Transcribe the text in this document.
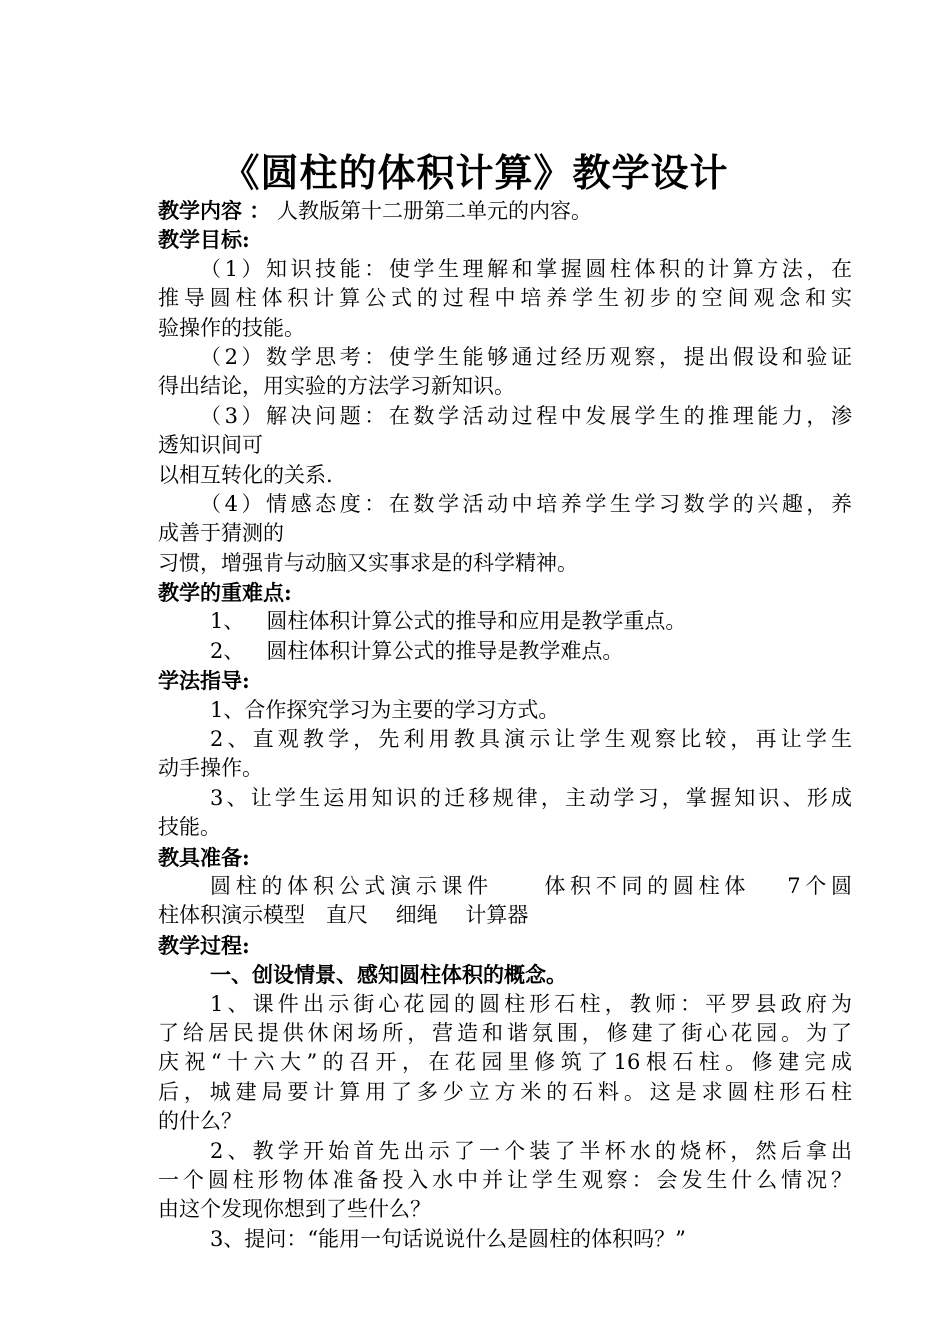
《圆柱的体积计算》教学设计
教学内容 ： 人教版第十二册第二单元的内容。
教学目标:
（1）知识技能：使学生理解和掌握圆柱体积的计算方法，在
推导圆柱体积计算公式的过程中培养学生初步的空间观念和实
验操作的技能。
（2）数学思考：使学生能够通过经历观察，提出假设和验证
得出结论，用实验的方法学习新知识。
（3）解决问题：在数学活动过程中发展学生的推理能力，渗
透知识间可
以相互转化的关系.
（4）情感态度：在数学活动中培养学生学习数学的兴趣，养
成善于猜测的
习惯，增强肯与动脑又实事求是的科学精神。
教学的重难点:
1、 圆柱体积计算公式的推导和应用是教学重点。
2、 圆柱体积计算公式的推导是教学难点。
学法指导:
1、合作探究学习为主要的学习方式。
2、直观教学，先利用教具演示让学生观察比较，再让学生
动手操作。
3、让学生运用知识的迁移规律，主动学习，掌握知识、形成
技能。
教具准备:
圆柱的体积公式演示课件　　体积不同的圆柱体　 7个圆
柱体积演示模型　直尺　 细绳　 计算器
教学过程:
一、创设情景、感知圆柱体积的概念。
1、课件出示街心花园的圆柱形石柱，教师：平罗县政府为
了给居民提供休闲场所，营造和谐氛围，修建了街心花园。为了
庆祝“十六大”的召开，在花园里修筑了16根石柱。修建完成
后，城建局要计算用了多少立方米的石料。这是求圆柱形石柱
的什么？
2、教学开始首先出示了一个装了半杯水的烧杯，然后拿出
一个圆柱形物体准备投入水中并让学生观察：会发生什么情况？
由这个发现你想到了些什么？
3、提问：“能用一句话说说什么是圆柱的体积吗？”
